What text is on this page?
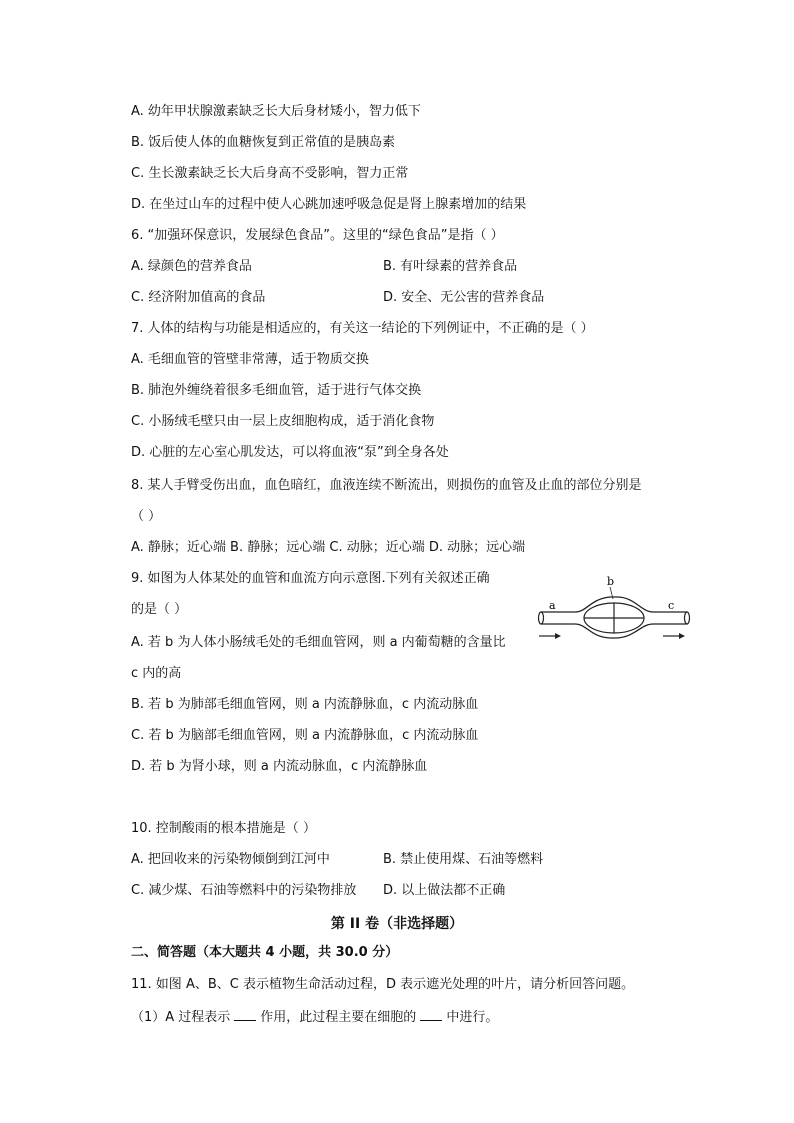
A. 幼年甲状腺激素缺乏长大后身材矮小，智力低下
B. 饭后使人体的血糖恢复到正常值的是胰岛素
C. 生长激素缺乏长大后身高不受影响，智力正常
D. 在坐过山车的过程中使人心跳加速呼吸急促是肾上腺素增加的结果
6. “加强环保意识，发展绿色食品”。这里的“绿色食品”是指（ ）
A. 绿颜色的营养食品	B. 有叶绿素的营养食品
C. 经济附加值高的食品	D. 安全、无公害的营养食品
7. 人体的结构与功能是相适应的，有关这一结论的下列例证中，不正确的是（ ）
A. 毛细血管的管壁非常薄，适于物质交换
B. 肺泡外缠绕着很多毛细血管，适于进行气体交换
C. 小肠绒毛壁只由一层上皮细胞构成，适于消化食物
D. 心脏的左心室心肌发达，可以将血液“泵”到全身各处
8. 某人手臂受伤出血，血色暗红，血液连续不断流出，则损伤的血管及止血的部位分别是
（ ）
A. 静脉；近心端 B. 静脉；远心端 C. 动脉；近心端 D. 动脉；远心端
9. 如图为人体某处的血管和血流方向示意图.下列有关叙述正确
的是（ ）
A. 若 b 为人体小肠绒毛处的毛细血管网，则 a 内葡萄糖的含量比
c 内的高
B. 若 b 为肺部毛细血管网，则 a 内流静脉血，c 内流动脉血
C. 若 b 为脑部毛细血管网，则 a 内流静脉血，c 内流动脉血
D. 若 b 为肾小球，则 a 内流动脉血，c 内流静脉血
a
b
c
10. 控制酸雨的根本措施是（ ）
A. 把回收来的污染物倾倒到江河中	B. 禁止使用煤、石油等燃料
C. 减少煤、石油等燃料中的污染物排放 D. 以上做法都不正确
第 II 卷（非选择题）
二、简答题（本大题共 4 小题，共 30.0 分）
11. 如图 A、B、C 表示植物生命活动过程，D 表示遮光处理的叶片，请分析回答问题。
（1）A 过程表示 作用，此过程主要在细胞的 中进行。
